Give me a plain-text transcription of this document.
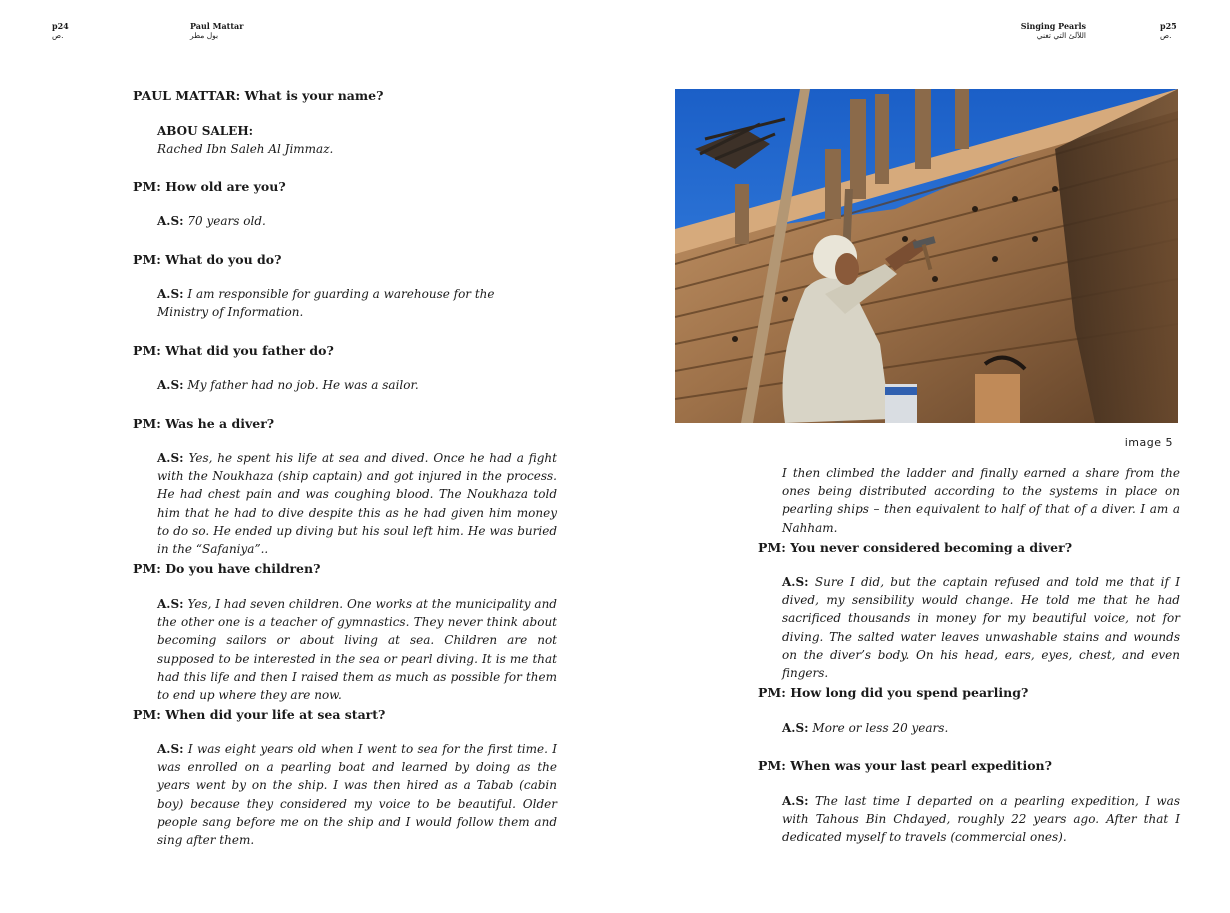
p24
ص.
Paul Mattar
بول مطر
Singing Pearls
اللآلئ التي تغني
p25
ص.

PAUL MATTAR: What is your name?

ABOU SALEH:
Rached Ibn Saleh Al Jimmaz.

PM: How old are you?

A.S: 70 years old.

PM: What do you do?

A.S: I am responsible for guarding a warehouse for the Ministry of Information.

PM: What did you father do?

A.S: My father had no job. He was a sailor.

PM: Was he a diver?

A.S: Yes, he spent his life at sea and dived. Once he had a fight with the Noukhaza (ship captain) and got injured in the process. He had chest pain and was coughing blood. The Noukhaza told him that he had to dive despite this as he had given him money to do so. He ended up diving but his soul left him. He was buried in the “Safaniya”..

PM: Do you have children?

A.S: Yes, I had seven children. One works at the municipality and the other one is a teacher of gymnastics. They never think about becoming sailors or about living at sea. Children are not supposed to be interested in the sea or pearl diving. It is me that had this life and then I raised them as much as possible for them to end up where they are now.

PM: When did your life at sea start?

A.S: I was eight years old when I went to sea for the first time. I was enrolled on a pearling boat and learned by doing as the years went by on the ship. I was then hired as a Tabab (cabin boy) because they considered my voice to be beautiful. Older people sang before me on the ship and I would follow them and sing after them.

image 5

I then climbed the ladder and finally earned a share from the ones being distributed according to the systems in place on pearling ships – then equivalent to half of that of a diver. I am a Nahham.

PM: You never considered becoming a diver?

A.S: Sure I did, but the captain refused and told me that if I dived, my sensibility would change. He told me that he had sacrificed thousands in money for my beautiful voice, not for diving. The salted water leaves unwashable stains and wounds on the diver’s body. On his head, ears, eyes, chest, and even fingers.

PM: How long did you spend pearling?

A.S: More or less 20 years.

PM: When was your last pearl expedition?

A.S: The last time I departed on a pearling expedition, I was with Tahous Bin Chdayed, roughly 22 years ago. After that I dedicated myself to travels (commercial ones).
